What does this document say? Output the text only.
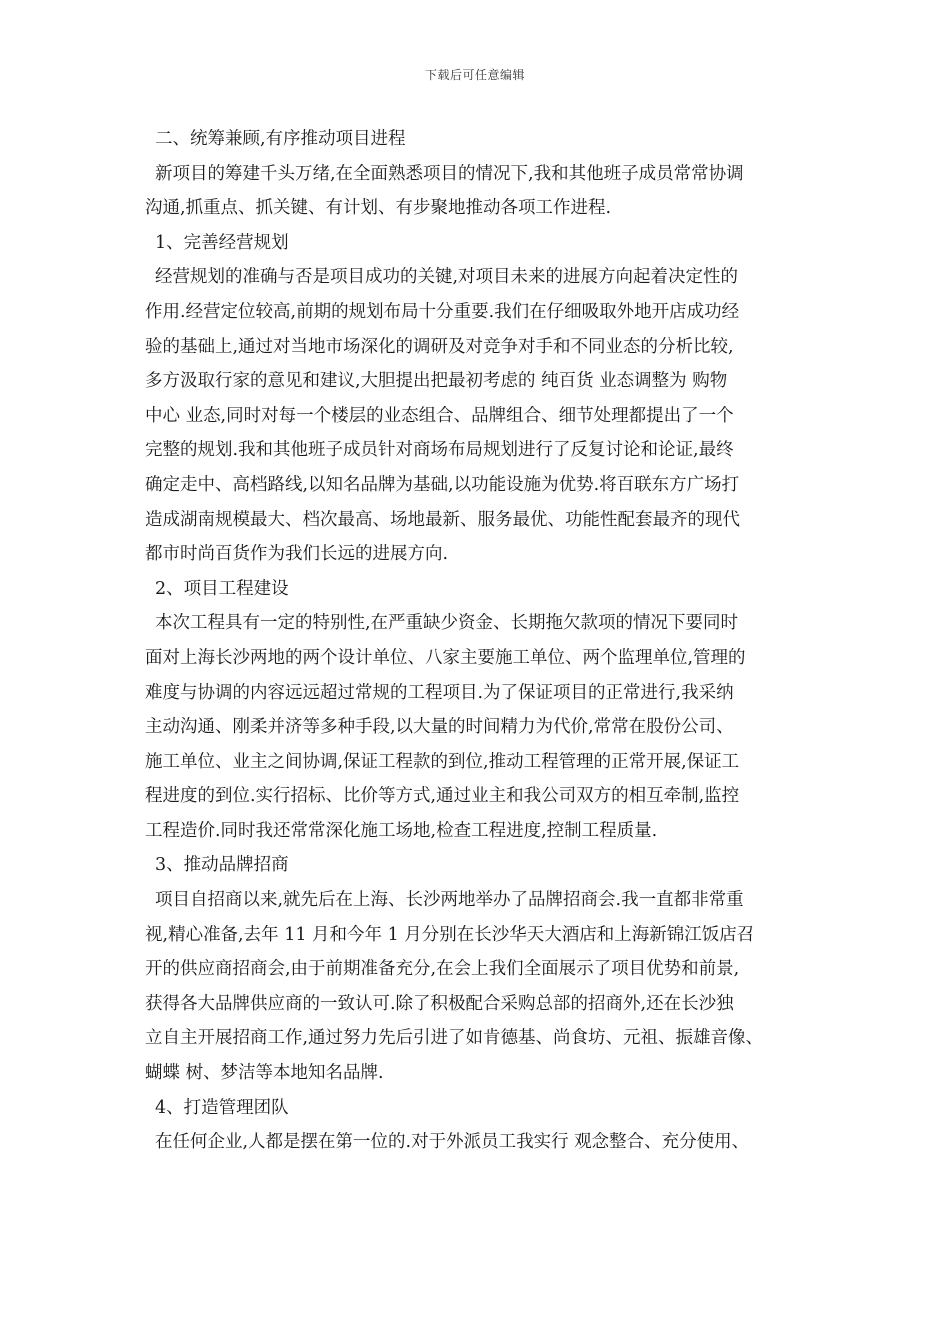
下载后可任意编辑
二、统筹兼顾,有序推动项目进程
新项目的筹建千头万绪,在全面熟悉项目的情况下,我和其他班子成员常常协调
沟通,抓重点、抓关键、有计划、有步聚地推动各项工作进程.
1、完善经营规划
经营规划的准确与否是项目成功的关键,对项目未来的进展方向起着决定性的
作用.经营定位较高,前期的规划布局十分重要.我们在仔细吸取外地开店成功经
验的基础上,通过对当地市场深化的调研及对竞争对手和不同业态的分析比较,
多方汲取行家的意见和建议,大胆提出把最初考虑的 纯百货 业态调整为 购物
中心 业态,同时对每一个楼层的业态组合、品牌组合、细节处理都提出了一个
完整的规划.我和其他班子成员针对商场布局规划进行了反复讨论和论证,最终
确定走中、高档路线,以知名品牌为基础,以功能设施为优势.将百联东方广场打
造成湖南规模最大、档次最高、场地最新、服务最优、功能性配套最齐的现代
都市时尚百货作为我们长远的进展方向.
2、项目工程建设
本次工程具有一定的特别性,在严重缺少资金、长期拖欠款项的情况下要同时
面对上海长沙两地的两个设计单位、八家主要施工单位、两个监理单位,管理的
难度与协调的内容远远超过常规的工程项目.为了保证项目的正常进行,我采纳
主动沟通、刚柔并济等多种手段,以大量的时间精力为代价,常常在股份公司、
施工单位、业主之间协调,保证工程款的到位,推动工程管理的正常开展,保证工
程进度的到位.实行招标、比价等方式,通过业主和我公司双方的相互牵制,监控
工程造价.同时我还常常深化施工场地,检查工程进度,控制工程质量.
3、推动品牌招商
项目自招商以来,就先后在上海、长沙两地举办了品牌招商会.我一直都非常重
视,精心准备,去年 11 月和今年 1 月分别在长沙华天大酒店和上海新锦江饭店召
开的供应商招商会,由于前期准备充分,在会上我们全面展示了项目优势和前景,
获得各大品牌供应商的一致认可.除了积极配合采购总部的招商外,还在长沙独
立自主开展招商工作,通过努力先后引进了如肯德基、尚食坊、元祖、振雄音像、
蝴蝶 树、梦洁等本地知名品牌.
4、打造管理团队
在任何企业,人都是摆在第一位的.对于外派员工我实行 观念整合、充分使用、
